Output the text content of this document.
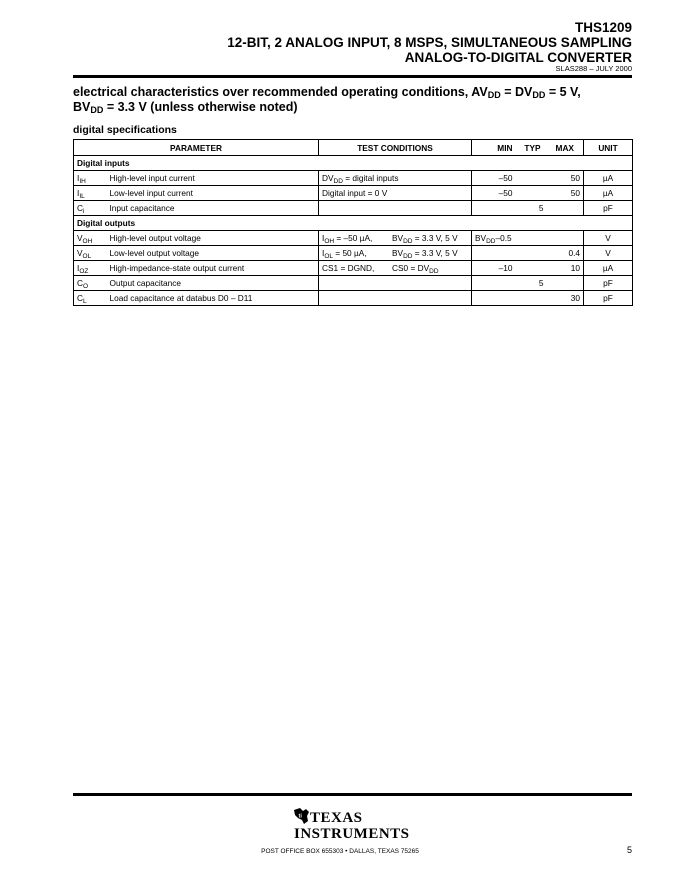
THS1209
12-BIT, 2 ANALOG INPUT, 8 MSPS, SIMULTANEOUS SAMPLING
ANALOG-TO-DIGITAL CONVERTER
SLAS288 – JULY 2000
electrical characteristics over recommended operating conditions, $AV_{DD} = DV_{DD} = 5$ V,
$BV_{DD} = 3.3$ V (unless otherwise noted)
digital specifications
PARAMETER		TEST CONDITIONS	MIN	TYP	MAX	UNIT
Digital inputs						
$I_{IH}$	High-level input current	$DV_{DD}$ = digital inputs	–50		50	µA
$I_{IL}$	Low-level input current	Digital input = 0 V	–50		50	µA
$C_i$	Input capacitance			5		pF
Digital outputs						
$V_{OH}$	High-level output voltage	$I_{OH} = -50$ µA, $BV_{DD} = 3.3$ V, 5 V	$BV_{DD}-0.5$			V
$V_{OL}$	Low-level output voltage	$I_{OL} = 50$ µA, $BV_{DD} = 3.3$ V, 5 V			0.4	V
$I_{OZ}$	High-impedance-state output current	CS1 = DGND, $CS0 = DV_{DD}$	–10		10	µA
$C_O$	Output capacitance			5		pF
$C_L$	Load capacitance at databus D0 – D11				30	pF
ti TEXAS
INSTRUMENTS
POST OFFICE BOX 655303 • DALLAS, TEXAS 75265	5
